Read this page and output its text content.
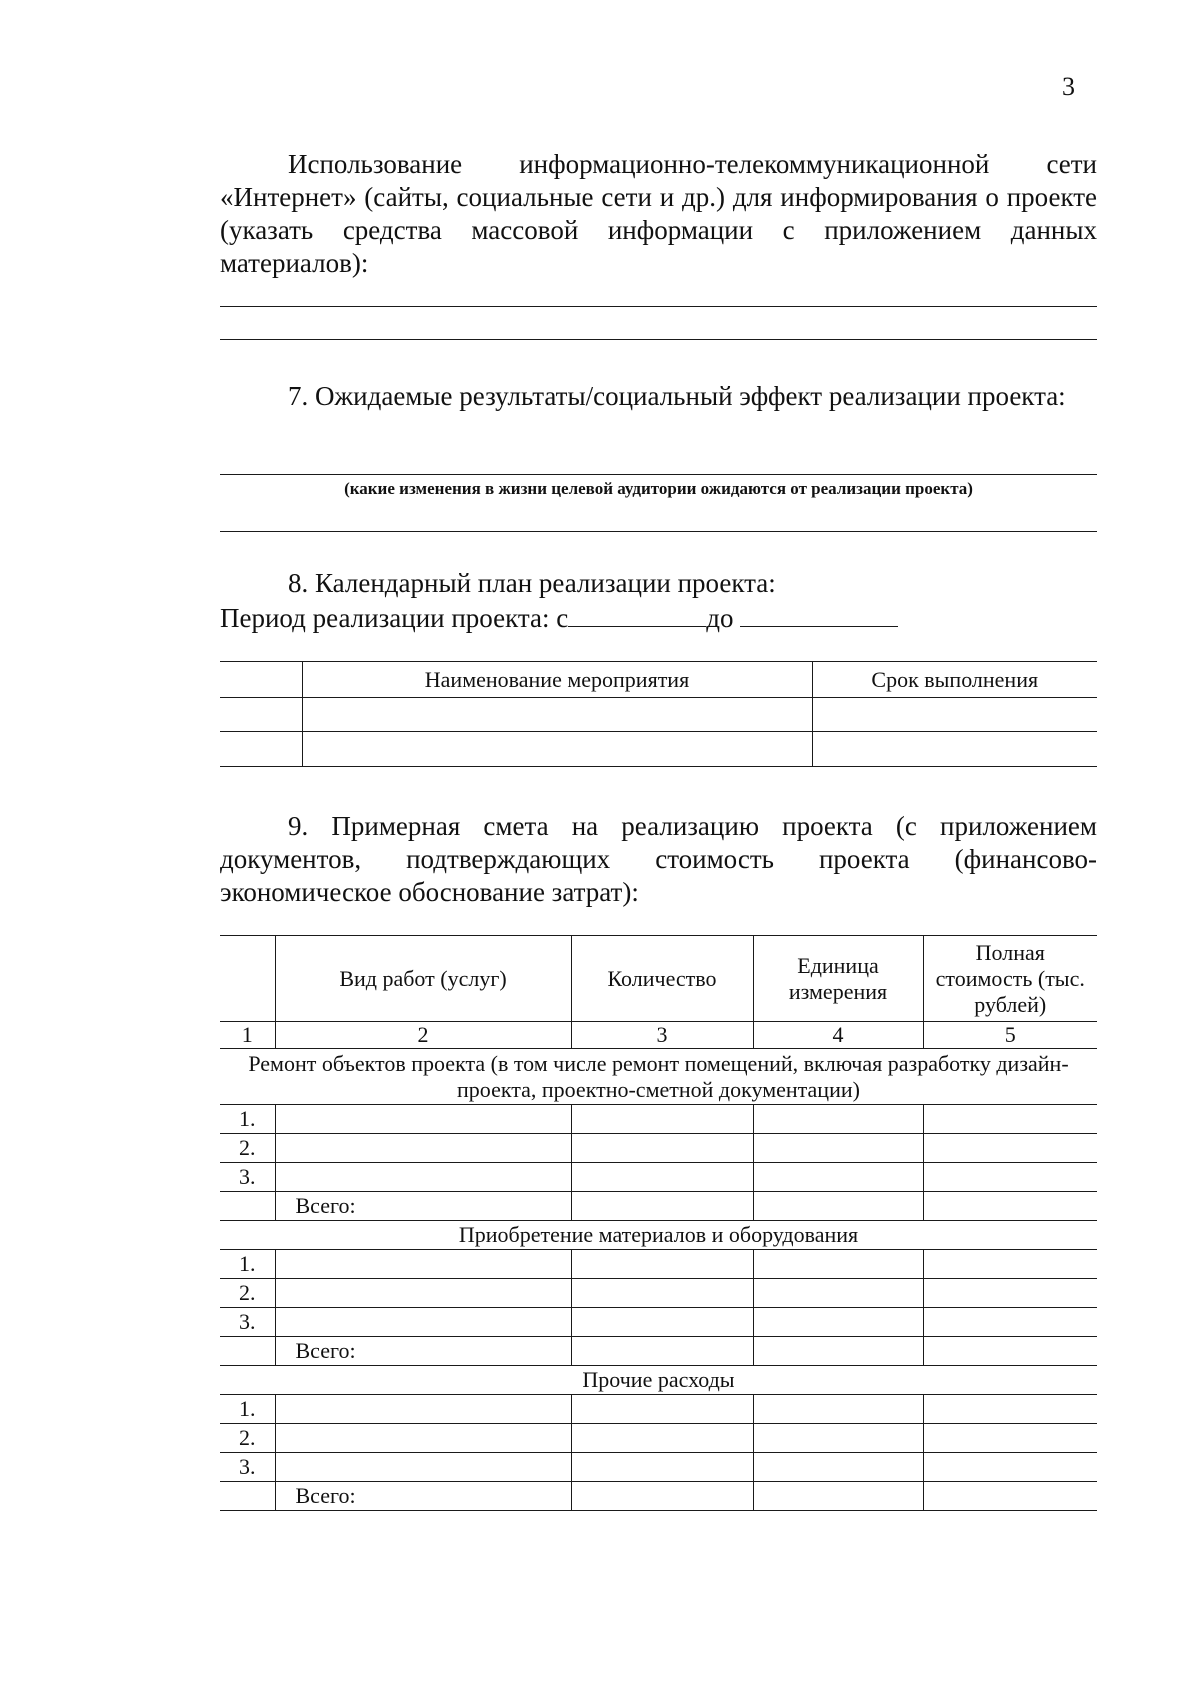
3
Использование информационно-телекоммуникационной сети «Интернет» (сайты, социальные сети и др.) для информирования о проекте (указать средства массовой информации с приложением данных материалов):
7. Ожидаемые результаты/социальный эффект реализации проекта:
(какие изменения в жизни целевой аудитории ожидаются от реализации проекта)
8. Календарный план реализации проекта:
Период реализации проекта: с	до
	Наименование мероприятия	Срок выполнения

9. Примерная смета на реализацию проекта (с приложением документов, подтверждающих стоимость проекта (финансово-экономическое обоснование затрат):
	Вид работ (услуг)	Количество	Единица измерения	Полная стоимость (тыс. рублей)
1	2	3	4	5
Ремонт объектов проекта (в том числе ремонт помещений, включая разработку дизайн-проекта, проектно-сметной документации)				
1.				
2.				
3.				
	Всего:			
Приобретение материалов и оборудования				
1.				
2.				
3.				
	Всего:			
Прочие расходы				
1.				
2.				
3.				
	Всего:			
